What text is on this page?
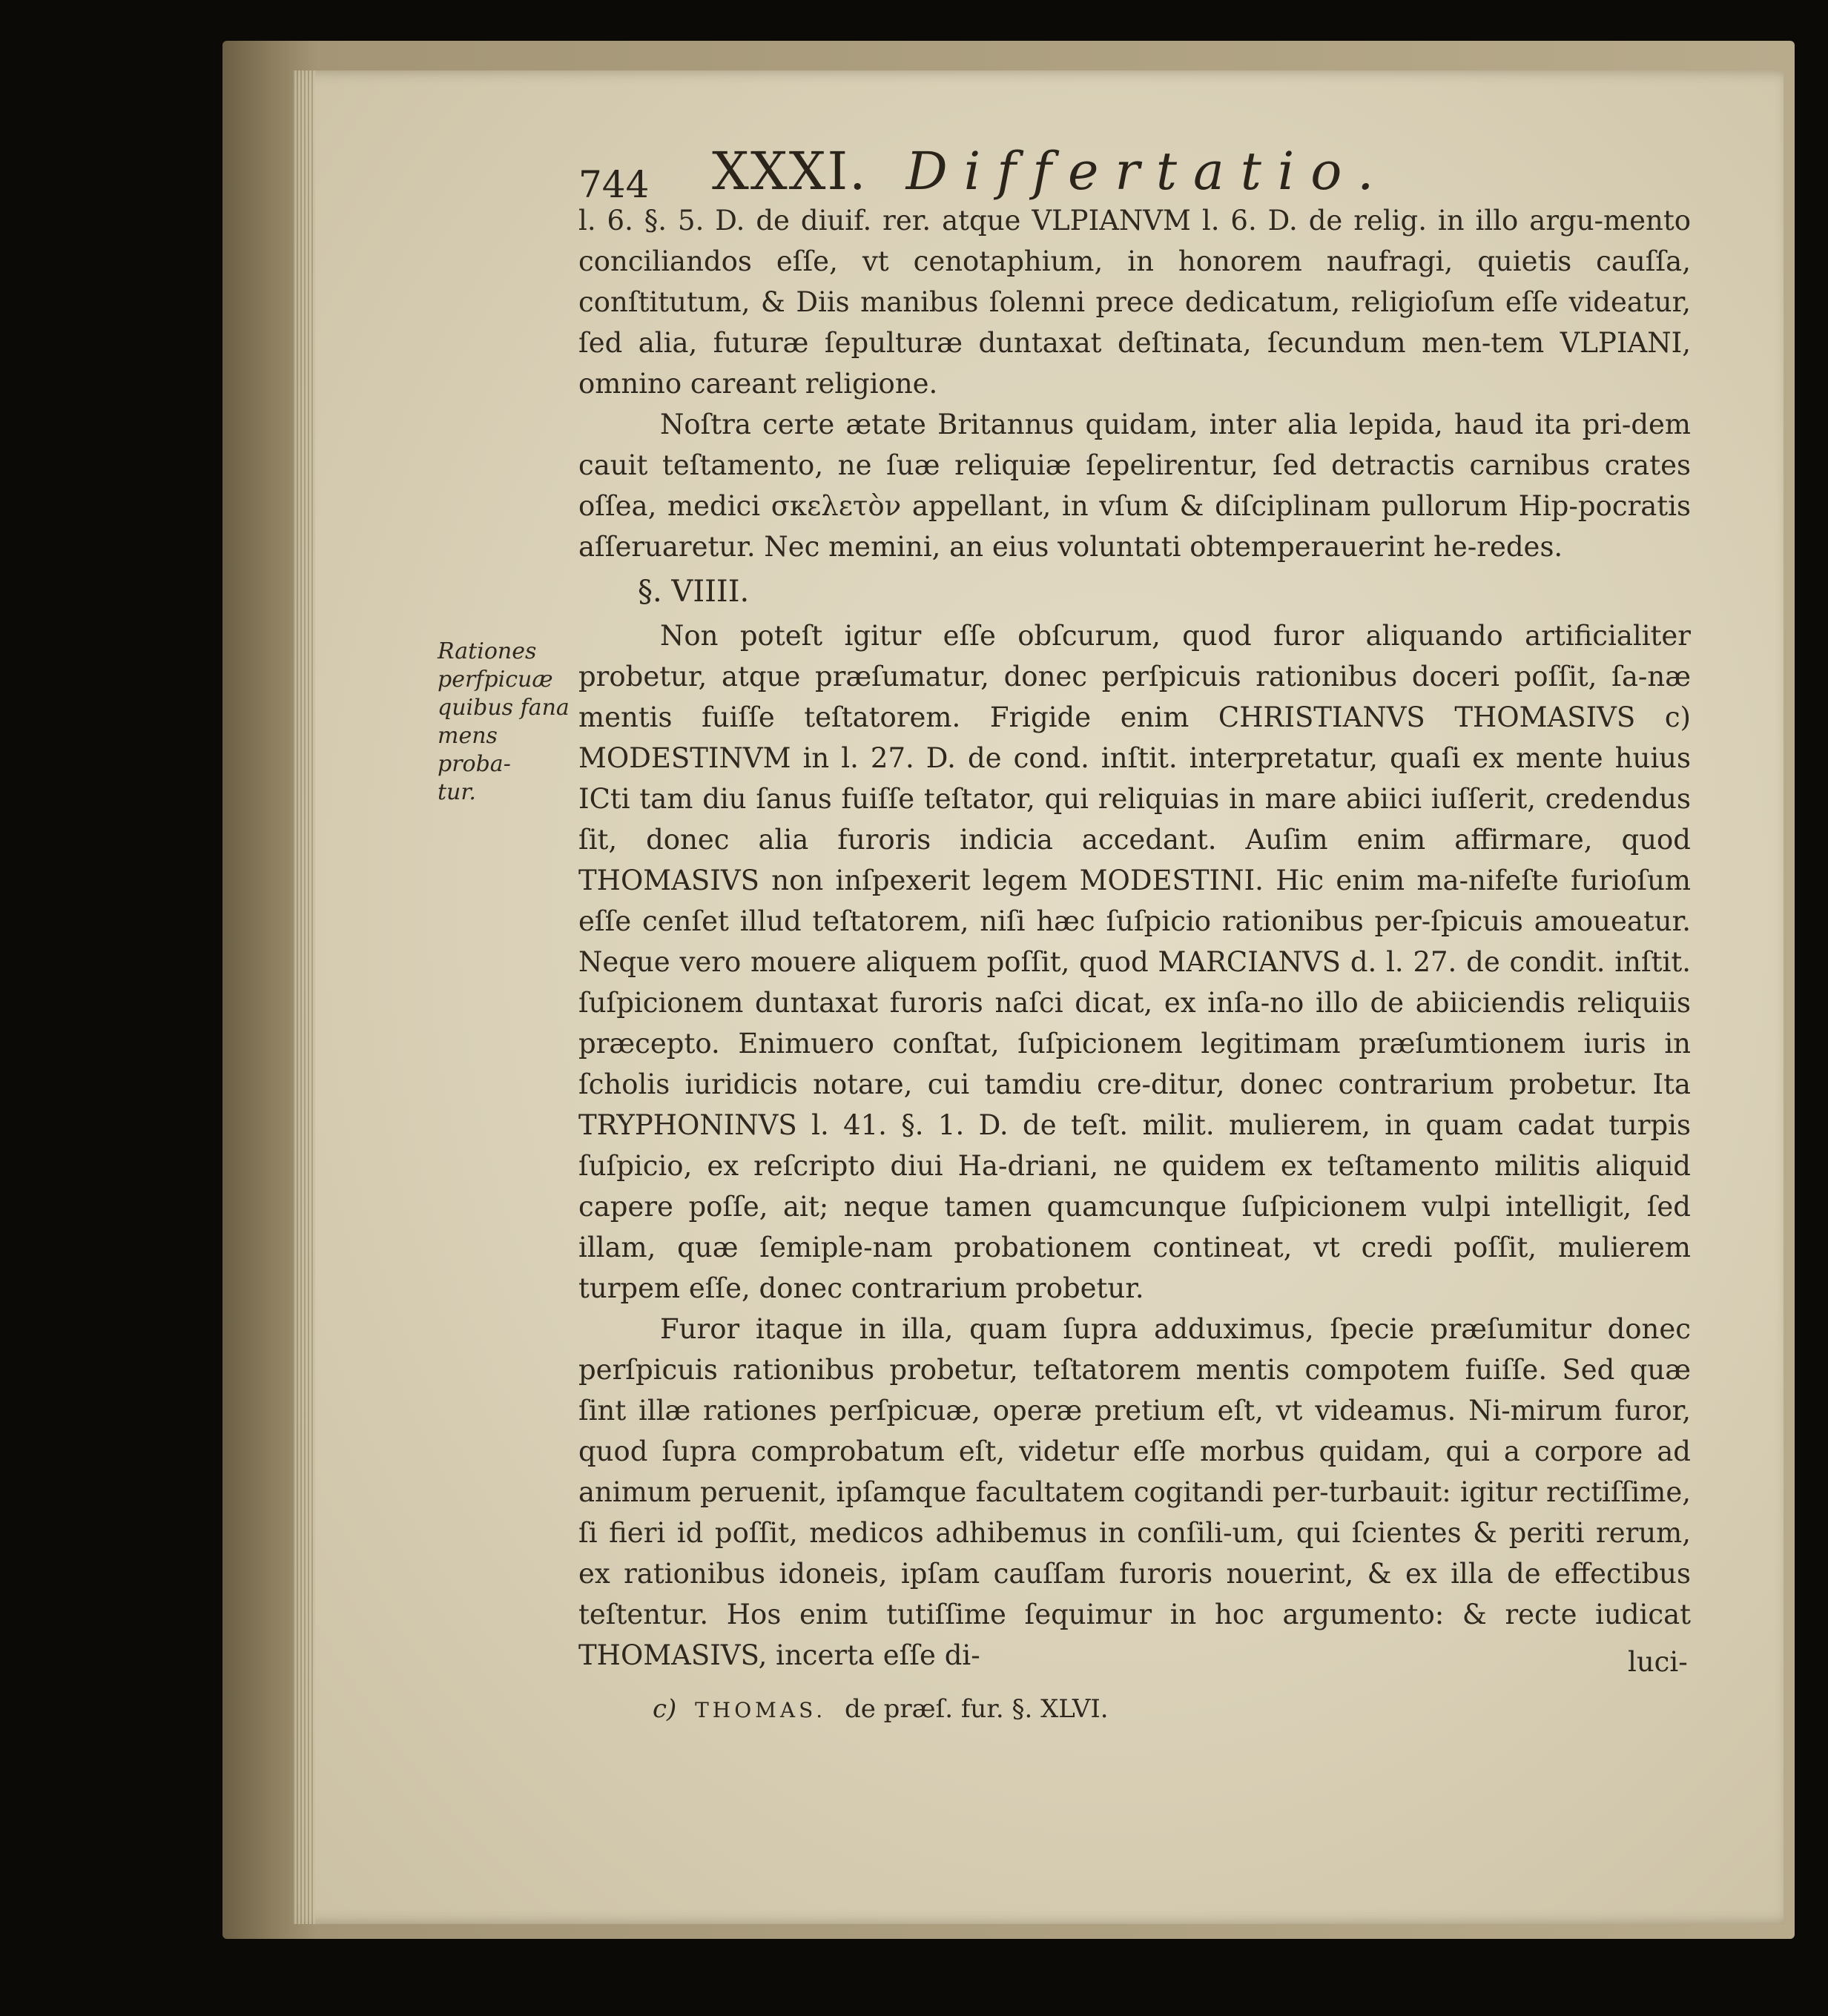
744 XXXI. Differtatio.
Rationes
perfpicuæ
quibus fana
mens proba-
tur.

l. 6. §. 5. D. de diuif. rer. atque VLPIANVM l. 6. D. de relig. in illo argu-mento conciliandos eſſe, vt cenotaphium, in honorem naufragi, quietis cauſſa, conſtitutum, & Diis manibus ſolenni prece dedicatum, religioſum eſſe videatur, ſed alia, futuræ ſepulturæ duntaxat deſtinata, ſecundum men-tem VLPIANI, omnino careant religione.

Noſtra certe ætate Britannus quidam, inter alia lepida, haud ita pri-dem cauit teſtamento, ne ſuæ reliquiæ ſepelirentur, ſed detractis carnibus crates oſſea, medici σκελετὸν appellant, in vſum & diſciplinam pullorum Hip-pocratis aſſeruaretur. Nec memini, an eius voluntati obtemperauerint he-redes.

§. VIIII.

Non poteſt igitur eſſe obſcurum, quod furor aliquando artificialiter probetur, atque præſumatur, donec perſpicuis rationibus doceri poſſit, ſa-næ mentis fuiſſe teſtatorem. Frigide enim CHRISTIANVS THOMASIVS c) MODESTINVM in l. 27. D. de cond. inſtit. interpretatur, quaſi ex mente huius ICti tam diu ſanus fuiſſe teſtator, qui reliquias in mare abiici iuſſerit, credendus ſit, donec alia furoris indicia accedant. Auſim enim affirmare, quod THOMASIVS non inſpexerit legem MODESTINI. Hic enim ma-nifeſte furioſum eſſe cenſet illud teſtatorem, niſi hæc ſuſpicio rationibus per-ſpicuis amoueatur. Neque vero mouere aliquem poſſit, quod MARCIANVS d. l. 27. de condit. inſtit. ſuſpicionem duntaxat furoris naſci dicat, ex inſa-no illo de abiiciendis reliquiis præcepto. Enimuero conſtat, ſuſpicionem legitimam præſumtionem iuris in ſcholis iuridicis notare, cui tamdiu cre-ditur, donec contrarium probetur. Ita TRYPHONINVS l. 41. §. 1. D. de teſt. milit. mulierem, in quam cadat turpis ſuſpicio, ex reſcripto diui Ha-driani, ne quidem ex teſtamento militis aliquid capere poſſe, ait; neque tamen quamcunque ſuſpicionem vulpi intelligit, ſed illam, quæ ſemiple-nam probationem contineat, vt credi poſſit, mulierem turpem eſſe, donec contrarium probetur.

Furor itaque in illa, quam ſupra adduximus, ſpecie præſumitur donec perſpicuis rationibus probetur, teſtatorem mentis compotem fuiſſe. Sed quæ ſint illæ rationes perſpicuæ, operæ pretium eſt, vt videamus. Ni-mirum furor, quod ſupra comprobatum eſt, videtur eſſe morbus quidam, qui a corpore ad animum peruenit, ipſamque facultatem cogitandi per-turbauit: igitur rectiſſime, ſi fieri id poſſit, medicos adhibemus in conſili-um, qui ſcientes & periti rerum, ex rationibus idoneis, ipſam cauſſam furoris nouerint, & ex illa de effectibus teſtentur. Hos enim tutiſſime ſequimur in hoc argumento: & recte iudicat THOMASIVS, incerta eſſe di-	luci-
c) THOMAS. de præſ. fur. §. XLVI.
